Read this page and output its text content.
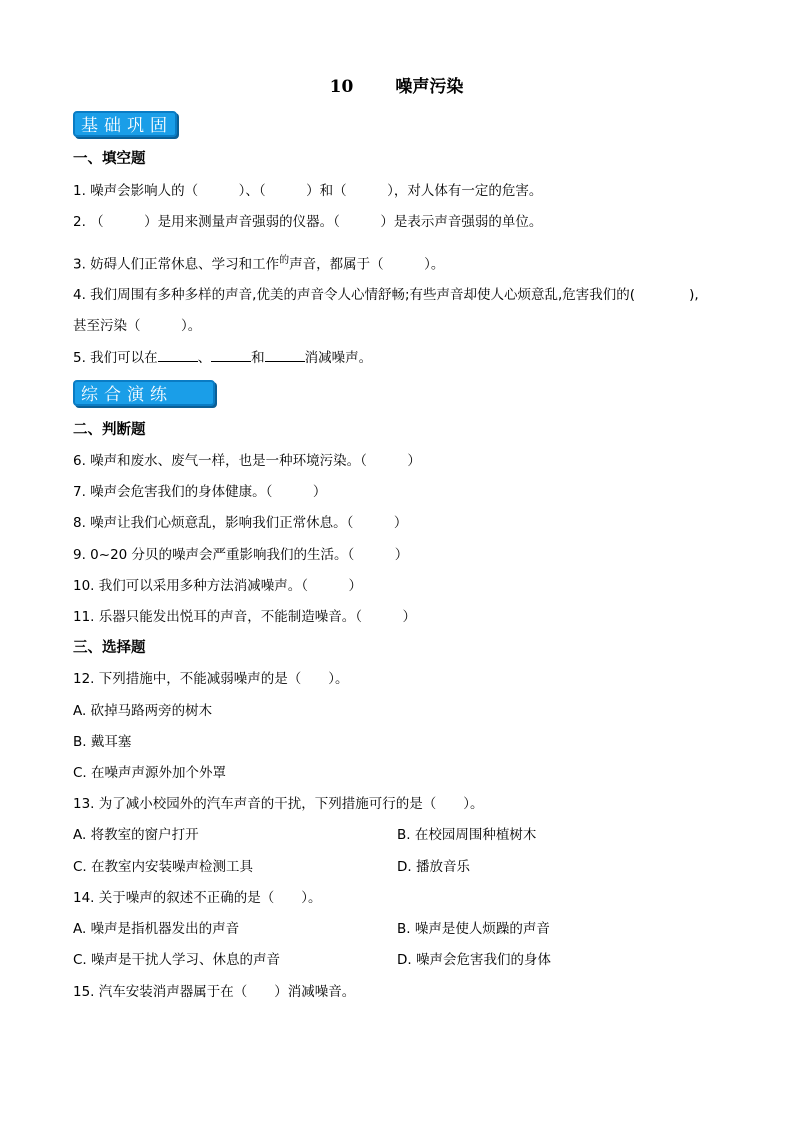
10 噪声污染
基础巩固
一、填空题
1. 噪声会影响人的（　　　）、（　　　）和（　　　），对人体有一定的危害。
2. （　　　）是用来测量声音强弱的仪器。（　　　）是表示声音强弱的单位。
3. 妨碍人们正常休息、学习和工作$^的$声音，都属于（　　　）。
4. 我们周围有多种多样的声音,优美的声音令人心情舒畅;有些声音却使人心烦意乱,危害我们的(　　　　),
甚至污染（　　　）。
5. 我们可以在	、	和	消减噪声。
综合演练
二、判断题
6. 噪声和废水、废气一样，也是一种环境污染。（　　　）
7. 噪声会危害我们的身体健康。（　　　）
8. 噪声让我们心烦意乱，影响我们正常休息。（　　　）
9. 0~20 分贝的噪声会严重影响我们的生活。（　　　）
10. 我们可以采用多种方法消减噪声。（　　　）
11. 乐器只能发出悦耳的声音，不能制造噪音。（　　　）
三、选择题
12. 下列措施中，不能减弱噪声的是（　　）。
A. 砍掉马路两旁的树木
B. 戴耳塞
C. 在噪声声源外加个外罩
13. 为了减小校园外的汽车声音的干扰，下列措施可行的是（　　）。
A. 将教室的窗户打开	B. 在校园周围种植树木
C. 在教室内安装噪声检测工具	D. 播放音乐
14. 关于噪声的叙述不正确的是（　　）。
A. 噪声是指机器发出的声音	B. 噪声是使人烦躁的声音
C. 噪声是干扰人学习、休息的声音	D. 噪声会危害我们的身体
15. 汽车安装消声器属于在（　　）消减噪音。
